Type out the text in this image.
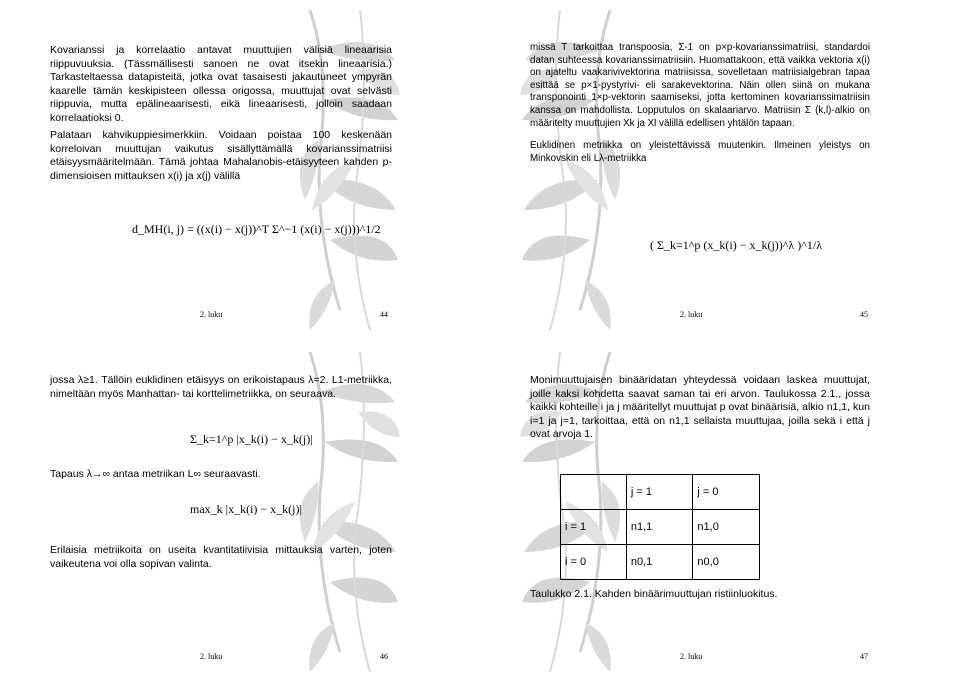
Kovarianssi ja korrelaatio antavat muuttujien välisiä lineaarisia riippuvuuksia. (Tässmällisesti sanoen ne ovat itsekin lineaarisia.) Tarkasteltaessa datapisteitä, jotka ovat tasaisesti jakautuneet ympyrän kaarelle tämän keskipisteen ollessa origossa, muuttujat ovat selvästi riippuvia, mutta epälineaarisesti, eikä lineaarisesti, jolloin saadaan korrelaatioksi 0.

Palataan kahvikuppiesimerkkiin. Voidaan poistaa 100 keskenään korreloivan muuttujan vaikutus sisällyttämällä kovarianssimatriisi etäisyysmääritelmään. Tämä johtaa Mahalanobis-etäisyyteen kahden p-dimensioisen mittauksen x(i) ja x(j) välillä

d_MH(i, j) = ((x(i) − x(j))^T Σ^−1 (x(i) − x(j)))^1/2
2. luku	44

missä T tarkoittaa transpoosia, Σ-1 on p×p-kovarianssimatriisi, standardoi datan suhteessa kovarianssimatriisiin. Huomattakoon, että vaikka vektoria x(i) on ajateltu vaakarivivektorina matriisissa, sovelletaan matriisialgebran tapaa esittää se p×1-pystyrivi- eli sarakevektorina. Näin ollen siinä on mukana transponointi 1×p-vektorin saamiseksi, jotta kertominen kovarianssimatriisin kanssa on mahdollista. Lopputulos on skalaariarvo. Matriisin Σ (k,l)-alkio on määritelty muuttujien Xk ja Xl välillä edellisen yhtälön tapaan.

Euklidinen metriikka on yleistettävissä muutenkin. Ilmeinen yleistys on Minkovskin eli Lλ-metriikka

( Σ_k=1^p (x_k(i) − x_k(j))^λ )^1/λ
2. luku	45
jossa λ≥1. Tällöin euklidinen etäisyys on erikoistapaus λ=2. L1-metriikka, nimeltään myös Manhattan- tai korttelimetriikka, on seuraava.
Σ_k=1^p |x_k(i) − x_k(j)|
Tapaus λ→∞ antaa metriikan L∞ seuraavasti.
max_k |x_k(i) − x_k(j)|
Erilaisia metriikoita on useita kvantitatiivisia mittauksia varten, joten vaikeutena voi olla sopivan valinta.
2. luku	46
Monimuuttujaisen binääridatan yhteydessä voidaan laskea muuttujat, joille kaksi kohdetta saavat saman tai eri arvon. Taulukossa 2.1., jossa kaikki kohteille i ja j määritellyt muuttujat p ovat binäärisiä, alkio n1,1, kun i=1 ja j=1, tarkoittaa, että on n1,1 sellaista muuttujaa, joilla sekä i että j ovat arvoja 1.
	j = 1	j = 0
i = 1	n1,1	n1,0
i = 0	n0,1	n0,0
Taulukko 2.1. Kahden binäärimuuttujan ristiinluokitus.
2. luku	47
